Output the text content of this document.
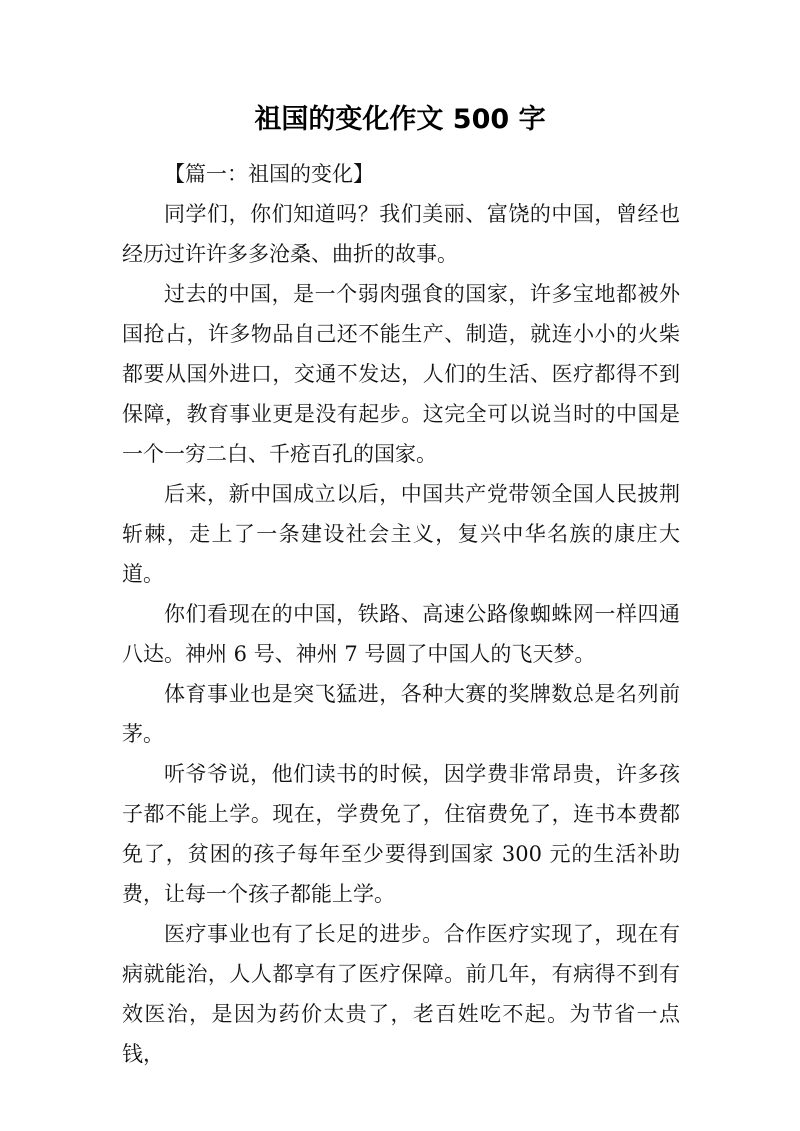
祖国的变化作文 500 字

【篇一：祖国的变化】

同学们，你们知道吗？我们美丽、富饶的中国，曾经也经历过许许多多沧桑、曲折的故事。

过去的中国，是一个弱肉强食的国家，许多宝地都被外国抢占，许多物品自己还不能生产、制造，就连小小的火柴都要从国外进口，交通不发达，人们的生活、医疗都得不到保障，教育事业更是没有起步。这完全可以说当时的中国是一个一穷二白、千疮百孔的国家。

后来，新中国成立以后，中国共产党带领全国人民披荆斩棘，走上了一条建设社会主义，复兴中华名族的康庄大道。

你们看现在的中国，铁路、高速公路像蜘蛛网一样四通八达。神州 6 号、神州 7 号圆了中国人的飞天梦。

体育事业也是突飞猛进，各种大赛的奖牌数总是名列前茅。

听爷爷说，他们读书的时候，因学费非常昂贵，许多孩子都不能上学。现在，学费免了，住宿费免了，连书本费都免了，贫困的孩子每年至少要得到国家 300 元的生活补助费，让每一个孩子都能上学。

医疗事业也有了长足的进步。合作医疗实现了，现在有病就能治，人人都享有了医疗保障。前几年，有病得不到有效医治，是因为药价太贵了，老百姓吃不起。为节省一点钱，
